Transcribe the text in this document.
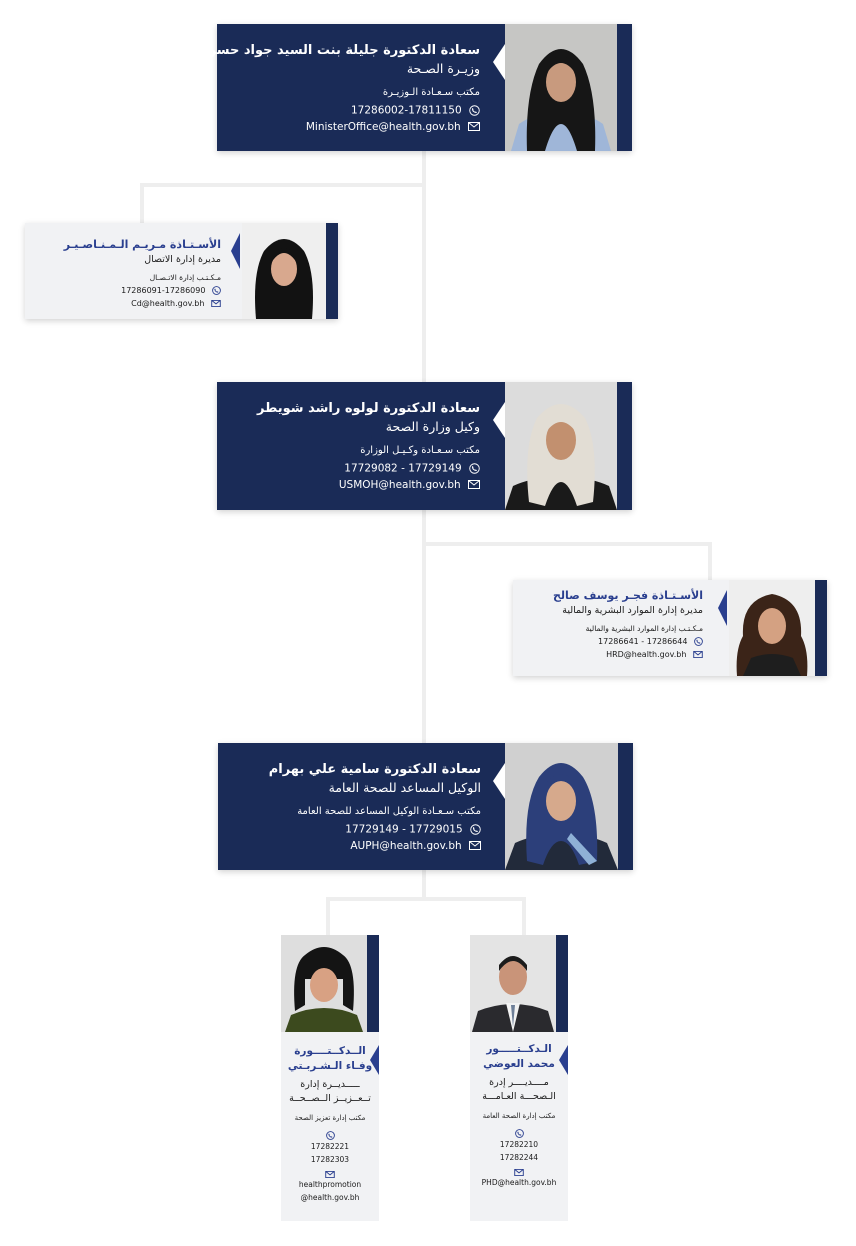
سعادة الدكتورة جليلة بنت السيد جواد حسن
وزيـرة الصـحة
مكتب سـعـادة الـوزيـرة
17286002-17811150
MinisterOffice@health.gov.bh
الأسـتـاذة مـريـم الـمـنـاصـيـر
مديرة إدارة الاتصال
مـكـتـب إدارة الاتـصـال
17286091-17286090
Cd@health.gov.bh
سعادة الدكتورة لولوه راشد شويطر
وكيل وزارة الصحة
مكتب سـعـادة وكـيـل الوزارة
17729082 - 17729149
USMOH@health.gov.bh
الأسـتـاذة فجـر يوسف صالح
مديرة إدارة الموارد البشرية والمالية
مـكـتـب إدارة الموارد البشرية والمالية
17286641 - 17286644
HRD@health.gov.bh
سعادة الدكتورة سامية علي بهرام
الوكيل المساعد للصحة العامة
مكتب سـعـادة الوكيل المساعد للصحة العامة
17729149 - 17729015
AUPH@health.gov.bh
الــدكــتــــورة
وفـاء الـشـربـتي
ـــــديــرة إدارة
تــعــزيــز الــصــحــة
مكتب إدارة تعزيز الصحة
17282221
17282303
healthpromotion
@health.gov.bh
الـدكــتـــــور
محمد العوضي
مــــديــــر إدرة
الـصحـــة العـامـــة
مكتب إدارة الصحة العامة
17282210
17282244
PHD@health.gov.bh
